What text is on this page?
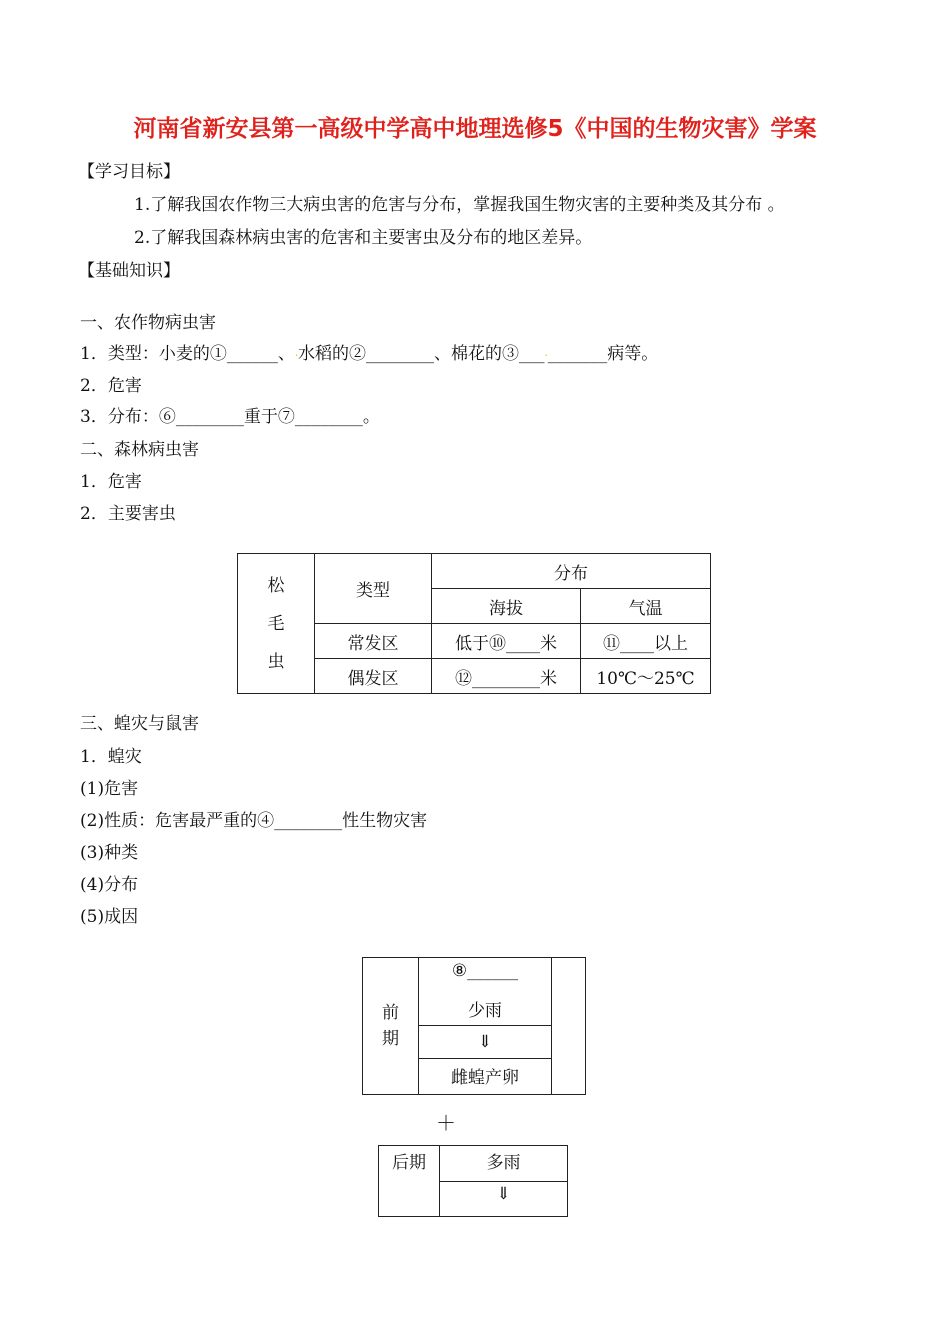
河南省新安县第一高级中学高中地理选修5《中国的生物灾害》学案
【学习目标】
1.了解我国农作物三大病虫害的危害与分布，掌握我国生物灾害的主要种类及其分布 。
2.了解我国森林病虫害的危害和主要害虫及分布的地区差异。
【基础知识】
一、农作物病虫害
1．类型：小麦的①______、.水稻的②________、棉花的③___._______病等。
2．危害
3．分布：⑥________重于⑦________。
二、森林病虫害
1．危害
2．主要害虫
松毛虫	类型	分布	
		海拔	气温
	常发区	低于⑩____米	⑪____以上
	偶发区	⑫________米	10℃～25℃
三、蝗灾与鼠害
1．蝗灾
(1)危害
(2)性质：危害最严重的④________性生物灾害
(3)种类
(4)分布
(5)成因
前期
	⑧______	
少雨
⇓
雌蝗产卵

＋
后期	多雨
⇓
